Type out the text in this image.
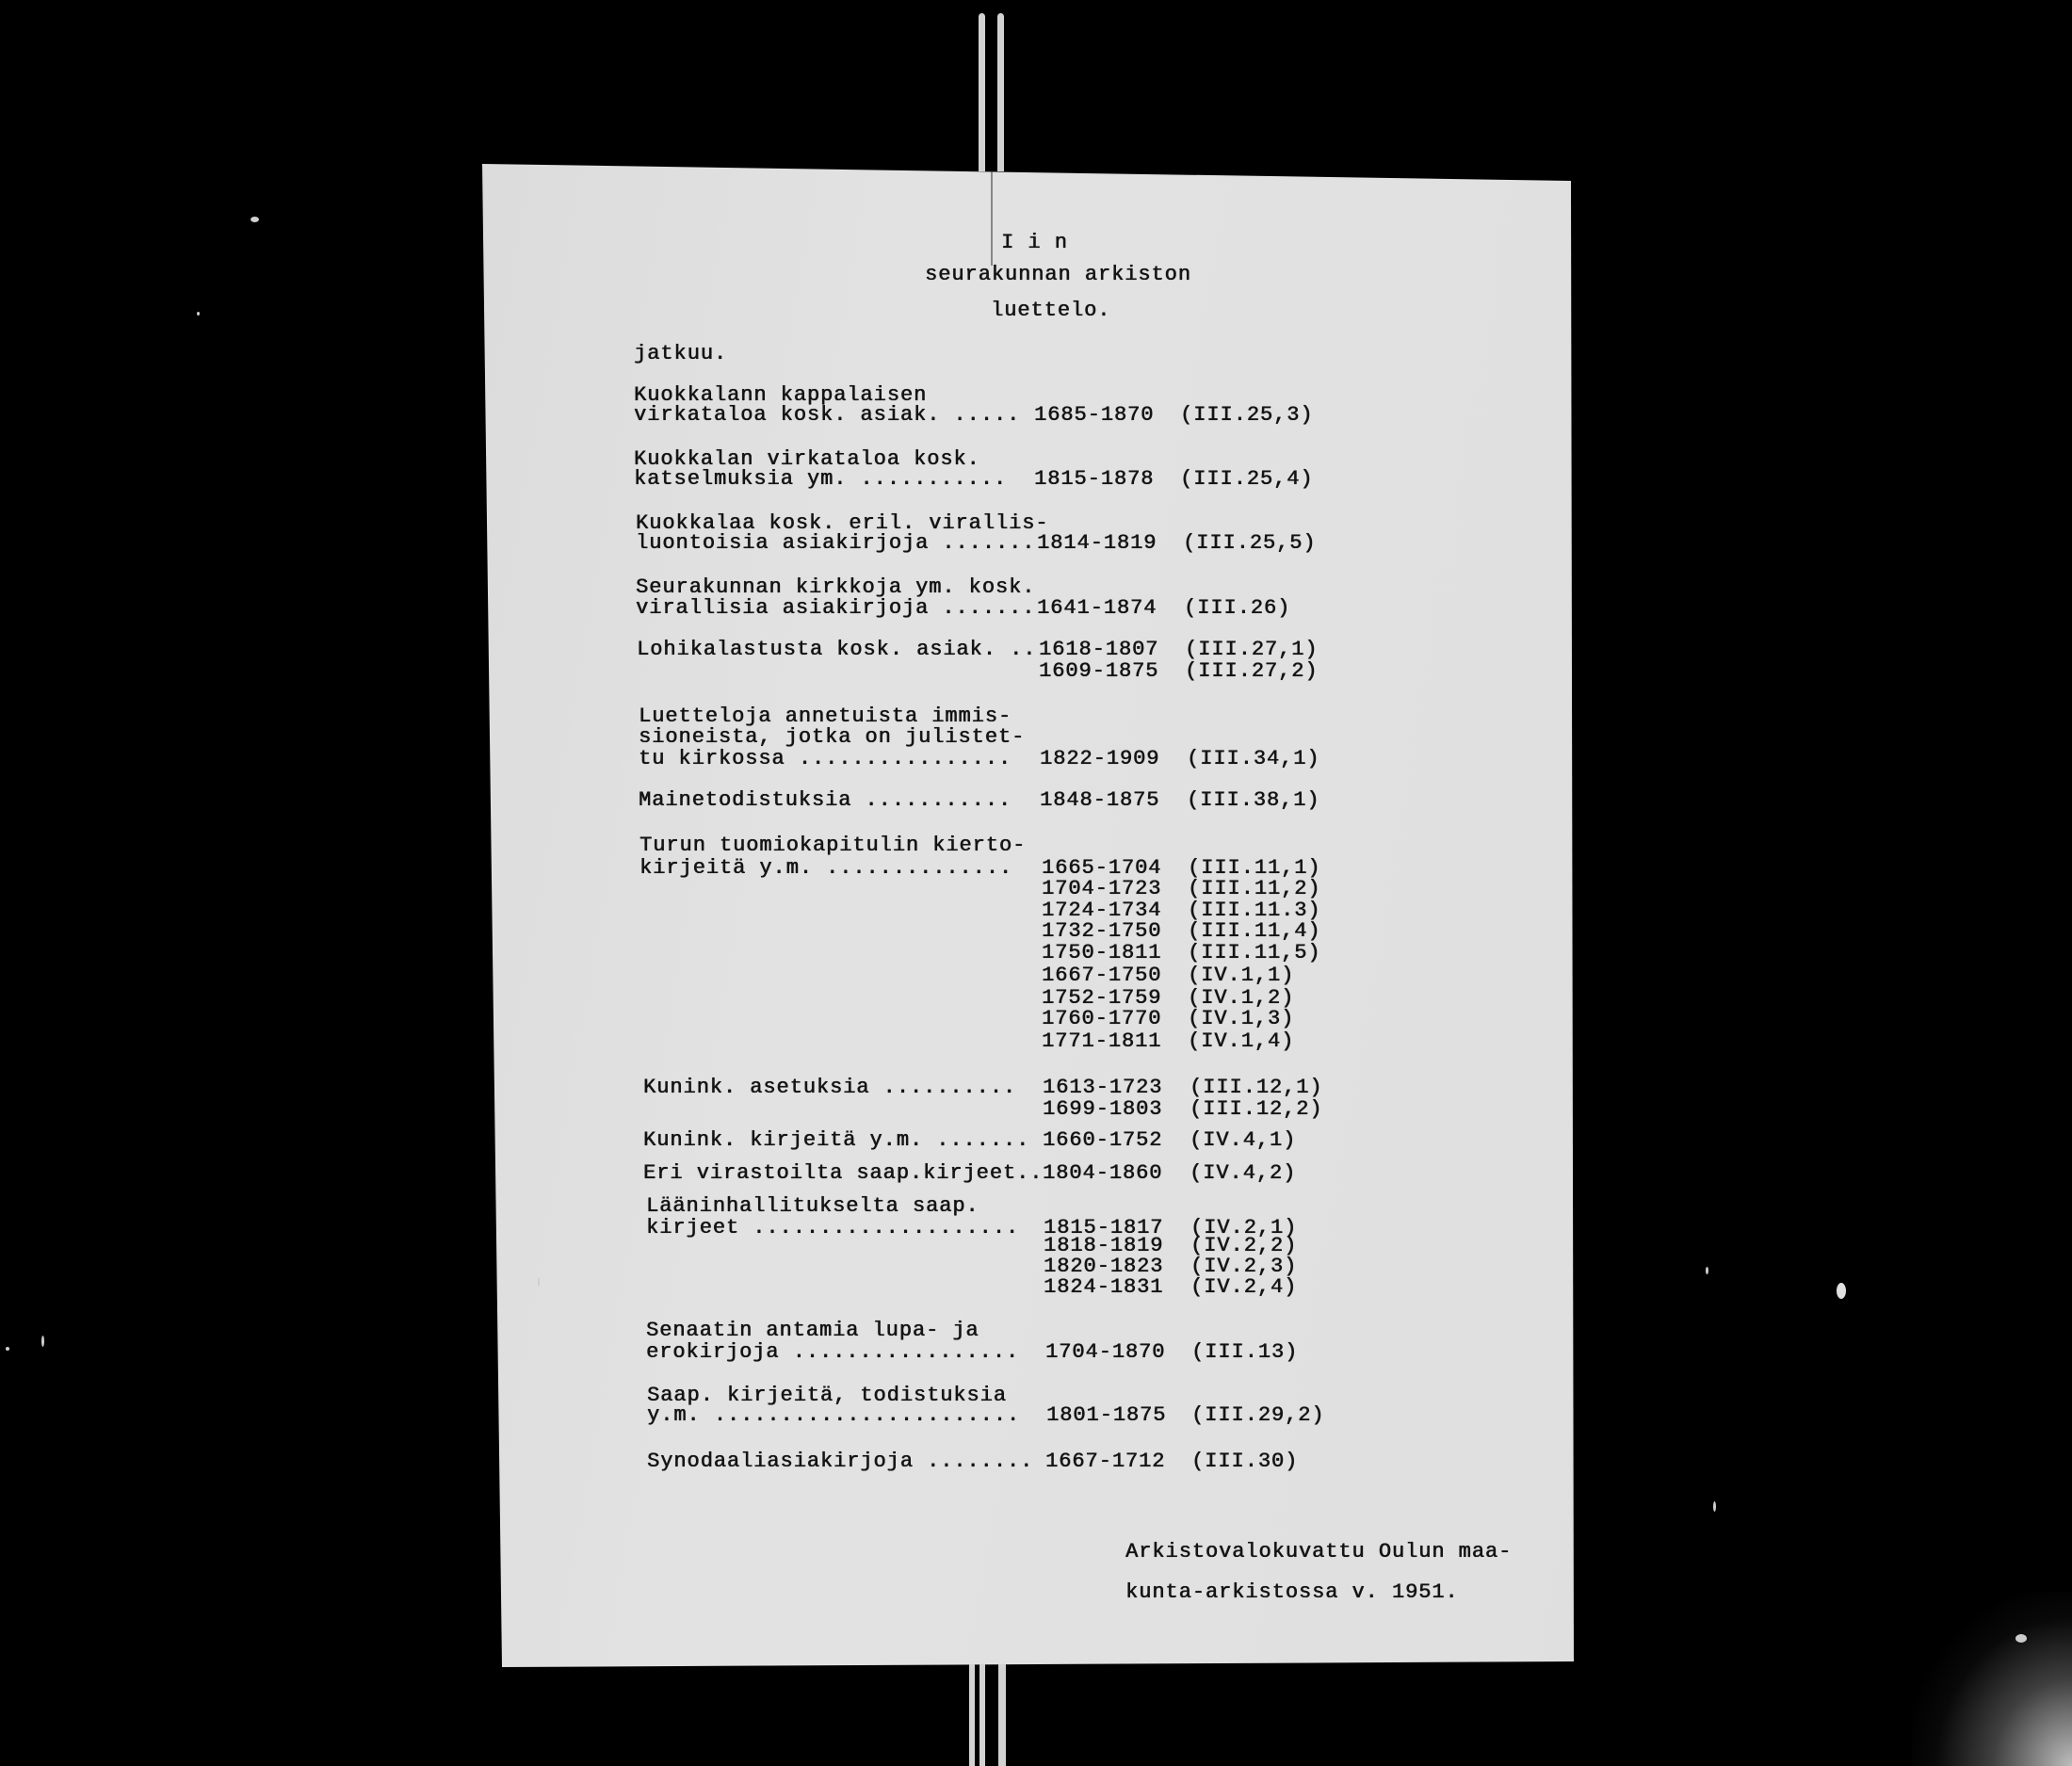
I i n
seurakunnan arkiston
luettelo.
jatkuu.
Kuokkalann kappalaisen
virkataloa kosk. asiak. ..... 1685-1870 (III.25,3)
Kuokkalan virkataloa kosk.
katselmuksia ym. ........... 1815-1878 (III.25,4)
Kuokkalaa kosk. eril. virallis-
luontoisia asiakirjoja ....... 1814-1819 (III.25,5)
Seurakunnan kirkkoja ym. kosk.
virallisia asiakirjoja ....... 1641-1874 (III.26)
Lohikalastusta kosk. asiak. .. 1618-1807 (III.27,1)
1609-1875 (III.27,2)
Luetteloja annetuista immis-
sioneista, jotka on julistet-
tu kirkossa ................ 1822-1909 (III.34,1)
Mainetodistuksia ........... 1848-1875 (III.38,1)
Turun tuomiokapitulin kierto-
kirjeitä y.m. .............. 1665-1704 (III.11,1)
1704-1723 (III.11,2)
1724-1734 (III.11.3)
1732-1750 (III.11,4)
1750-1811 (III.11,5)
1667-1750 (IV.1,1)
1752-1759 (IV.1,2)
1760-1770 (IV.1,3)
1771-1811 (IV.1,4)
Kunink. asetuksia .......... 1613-1723 (III.12,1)
1699-1803 (III.12,2)
Kunink. kirjeitä y.m. ....... 1660-1752 (IV.4,1)
Eri virastoilta saap.kirjeet.. 1804-1860 (IV.4,2)
Lääninhallitukselta saap.
kirjeet .................... 1815-1817 (IV.2,1)
1818-1819 (IV.2,2)
1820-1823 (IV.2,3)
1824-1831 (IV.2,4)
Senaatin antamia lupa- ja
erokirjoja ................. 1704-1870 (III.13)
Saap. kirjeitä, todistuksia
y.m. ....................... 1801-1875 (III.29,2)
Synodaaliasiakirjoja ........ 1667-1712 (III.30)
Arkistovalokuvattu Oulun maa-
kunta-arkistossa v. 1951.
